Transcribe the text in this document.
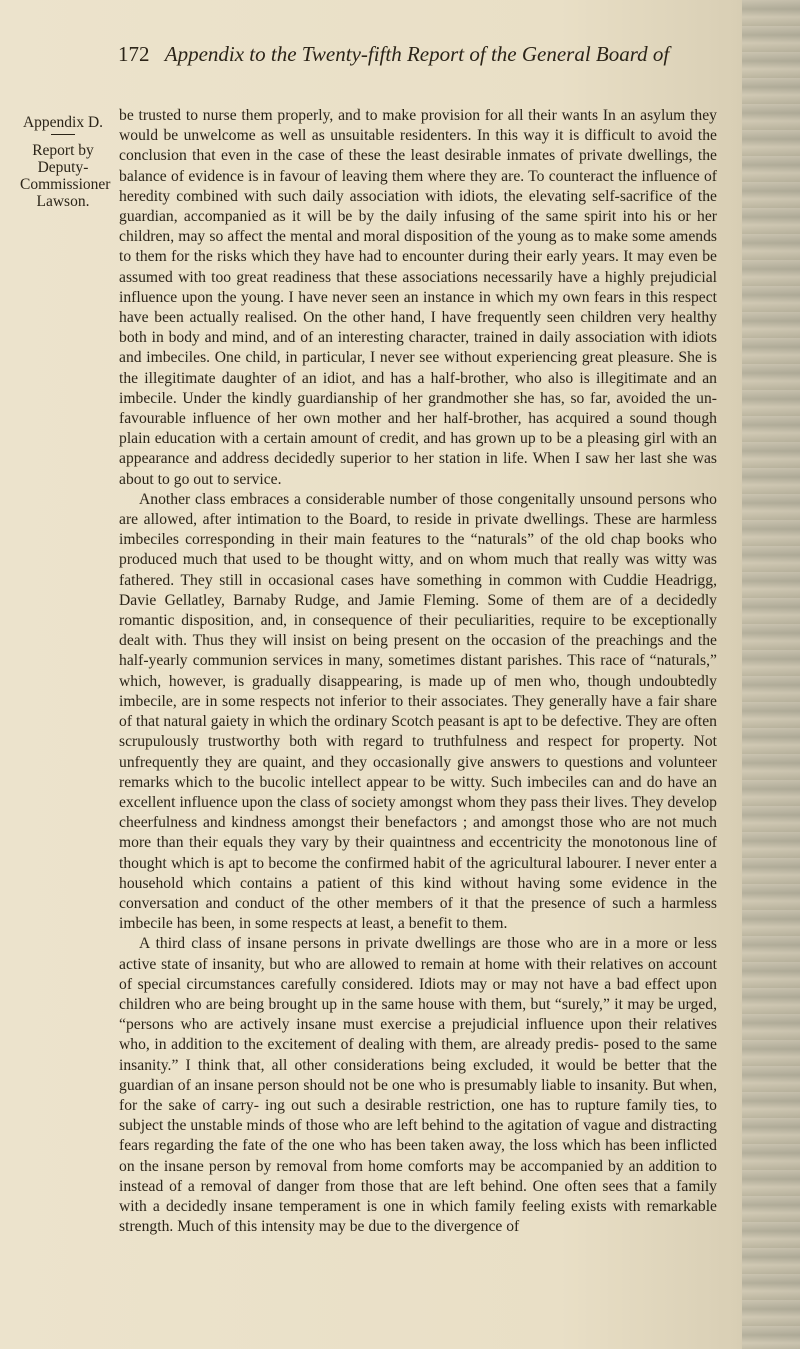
172 Appendix to the Twenty-fifth Report of the General Board of
Appendix D.
Report by
Deputy-
Commissioner
Lawson.

be trusted to nurse them properly, and to make provision for all their wants In an asylum they would be unwelcome as well as unsuitable residenters. In this way it is difficult to avoid the conclusion that even in the case of these the least desirable inmates of private dwellings, the balance of evidence is in favour of leaving them where they are. To counteract the influence of heredity combined with such daily association with idiots, the elevating self-sacrifice of the guardian, accompanied as it will be by the daily infusing of the same spirit into his or her children, may so affect the mental and moral disposition of the young as to make some amends to them for the risks which they have had to encounter during their early years. It may even be assumed with too great readiness that these associations necessarily have a highly prejudicial influence upon the young. I have never seen an instance in which my own fears in this respect have been actually realised. On the other hand, I have frequently seen children very healthy both in body and mind, and of an interesting character, trained in daily association with idiots and imbeciles. One child, in particular, I never see without experiencing great pleasure. She is the illegitimate daughter of an idiot, and has a half-brother, who also is illegitimate and an imbecile. Under the kindly guardianship of her grandmother she has, so far, avoided the un- favourable influence of her own mother and her half-brother, has acquired a sound though plain education with a certain amount of credit, and has grown up to be a pleasing girl with an appearance and address decidedly superior to her station in life. When I saw her last she was about to go out to service.

Another class embraces a considerable number of those congenitally unsound persons who are allowed, after intimation to the Board, to reside in private dwellings. These are harmless imbeciles corresponding in their main features to the “naturals” of the old chap books who produced much that used to be thought witty, and on whom much that really was witty was fathered. They still in occasional cases have something in common with Cuddie Headrigg, Davie Gellatley, Barnaby Rudge, and Jamie Fleming. Some of them are of a decidedly romantic disposition, and, in consequence of their peculiarities, require to be exceptionally dealt with. Thus they will insist on being present on the occasion of the preachings and the half-yearly communion services in many, sometimes distant parishes. This race of “naturals,” which, however, is gradually disappearing, is made up of men who, though undoubtedly imbecile, are in some respects not inferior to their associates. They generally have a fair share of that natural gaiety in which the ordinary Scotch peasant is apt to be defective. They are often scrupulously trustworthy both with regard to truthfulness and respect for property. Not unfrequently they are quaint, and they occasionally give answers to questions and volunteer remarks which to the bucolic intellect appear to be witty. Such imbeciles can and do have an excellent influence upon the class of society amongst whom they pass their lives. They develop cheerfulness and kindness amongst their benefactors ; and amongst those who are not much more than their equals they vary by their quaintness and eccentricity the monotonous line of thought which is apt to become the confirmed habit of the agricultural labourer. I never enter a household which contains a patient of this kind without having some evidence in the conversation and conduct of the other members of it that the presence of such a harmless imbecile has been, in some respects at least, a benefit to them.

A third class of insane persons in private dwellings are those who are in a more or less active state of insanity, but who are allowed to remain at home with their relatives on account of special circumstances carefully considered. Idiots may or may not have a bad effect upon children who are being brought up in the same house with them, but “surely,” it may be urged, “persons who are actively insane must exercise a prejudicial influence upon their relatives who, in addition to the excitement of dealing with them, are already predis- posed to the same insanity.” I think that, all other considerations being excluded, it would be better that the guardian of an insane person should not be one who is presumably liable to insanity. But when, for the sake of carry- ing out such a desirable restriction, one has to rupture family ties, to subject the unstable minds of those who are left behind to the agitation of vague and distracting fears regarding the fate of the one who has been taken away, the loss which has been inflicted on the insane person by removal from home comforts may be accompanied by an addition to instead of a removal of danger from those that are left behind. One often sees that a family with a decidedly insane temperament is one in which family feeling exists with remarkable strength. Much of this intensity may be due to the divergence of
